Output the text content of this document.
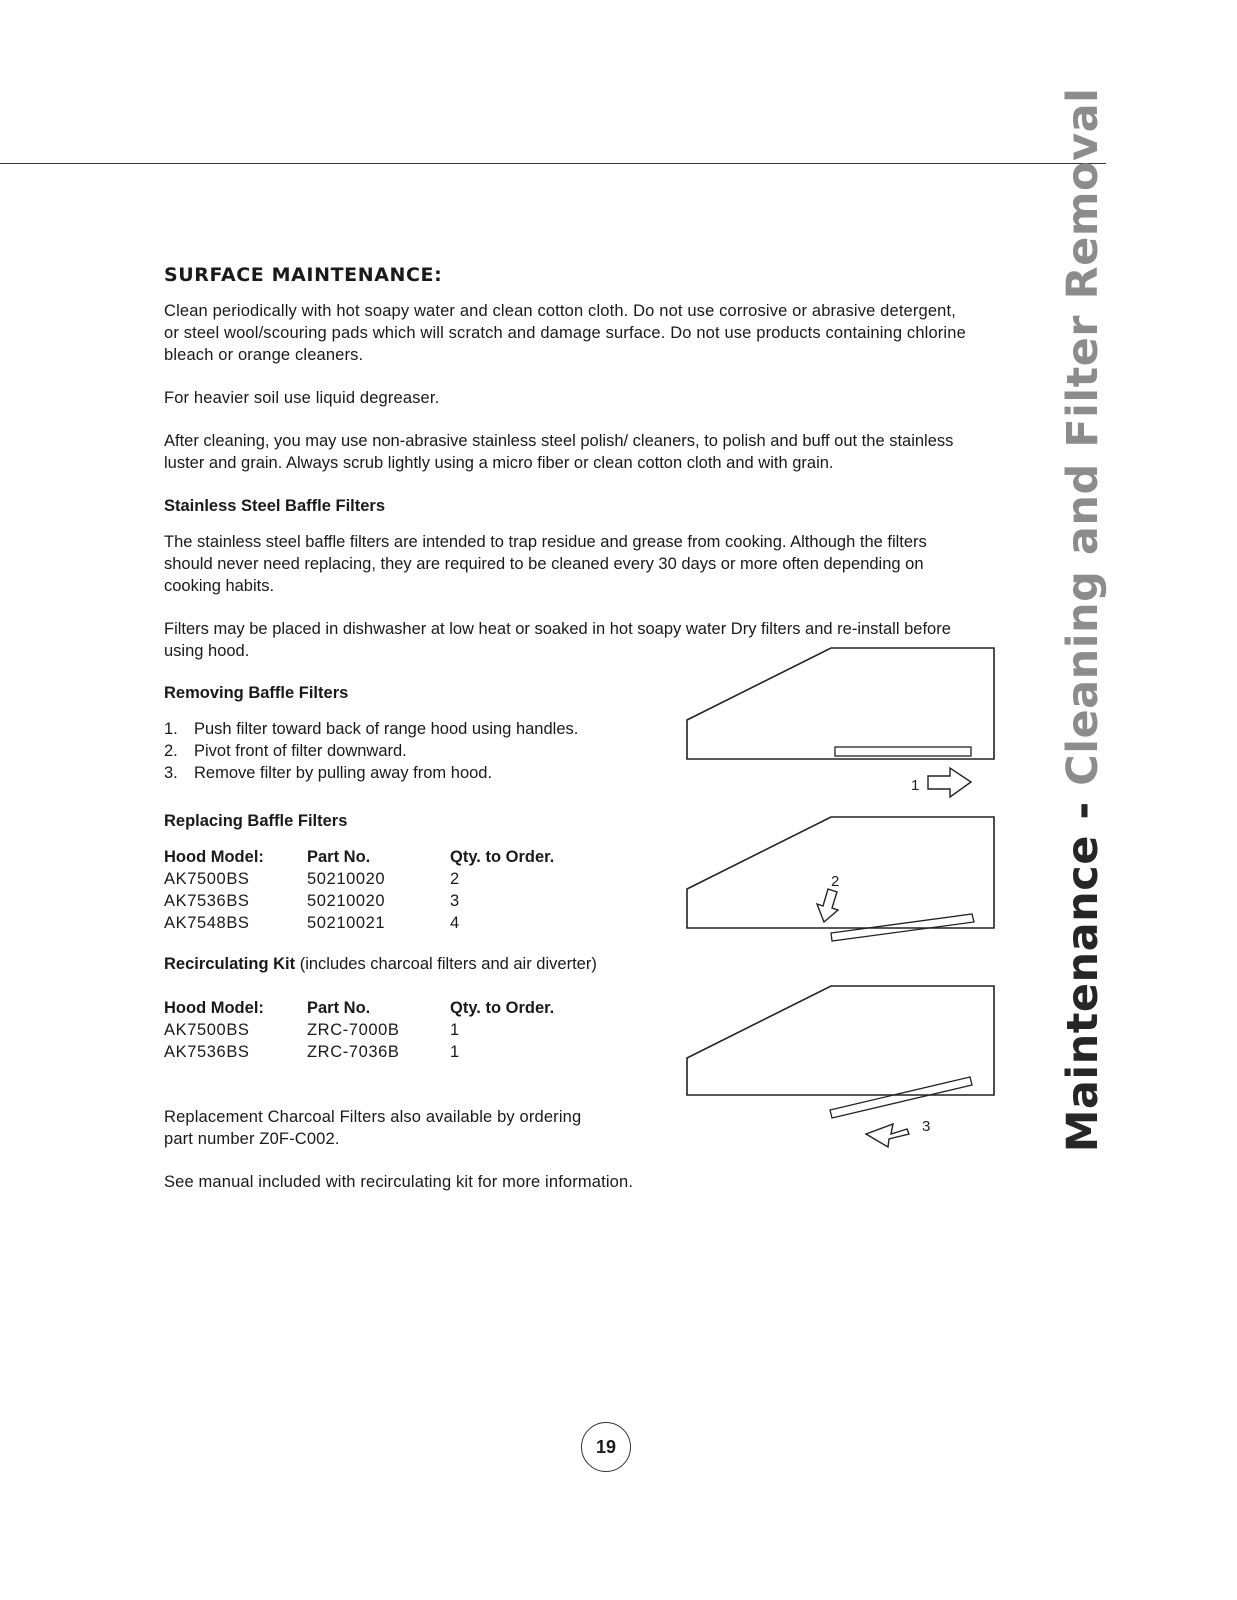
Maintenance - Cleaning and Filter Removal
SURFACE MAINTENANCE:
Clean periodically with hot soapy water and clean cotton cloth. Do not use corrosive or abrasive detergent,
or steel wool/scouring pads which will scratch and damage surface. Do not use products containing chlorine
bleach or orange cleaners.
For heavier soil use liquid degreaser.
After cleaning, you may use non-abrasive stainless steel polish/ cleaners, to polish and buff out the stainless
luster and grain. Always scrub lightly using a micro fiber or clean cotton cloth and with grain.
Stainless Steel Baffle Filters
The stainless steel baffle filters are intended to trap residue and grease from cooking. Although the filters
should never need replacing, they are required to be cleaned every 30 days or more often depending on
cooking habits.
Filters may be placed in dishwasher at low heat or soaked in hot soapy water Dry filters and re-install before
using hood.
Removing Baffle Filters
1. Push filter toward back of range hood using handles.
2. Pivot front of filter downward.
3. Remove filter by pulling away from hood.
Replacing Baffle Filters
Hood Model:	Part No.	Qty. to Order.
AK7500BS	50210020	2
AK7536BS	50210020	3
AK7548BS	50210021	4
Recirculating Kit (includes charcoal filters and air diverter)
Hood Model:	Part No.	Qty. to Order.
AK7500BS	ZRC-7000B	1
AK7536BS	ZRC-7036B	1
Replacement Charcoal Filters also available by ordering
part number Z0F-C002.
See manual included with recirculating kit for more information.
1
2
3
19
